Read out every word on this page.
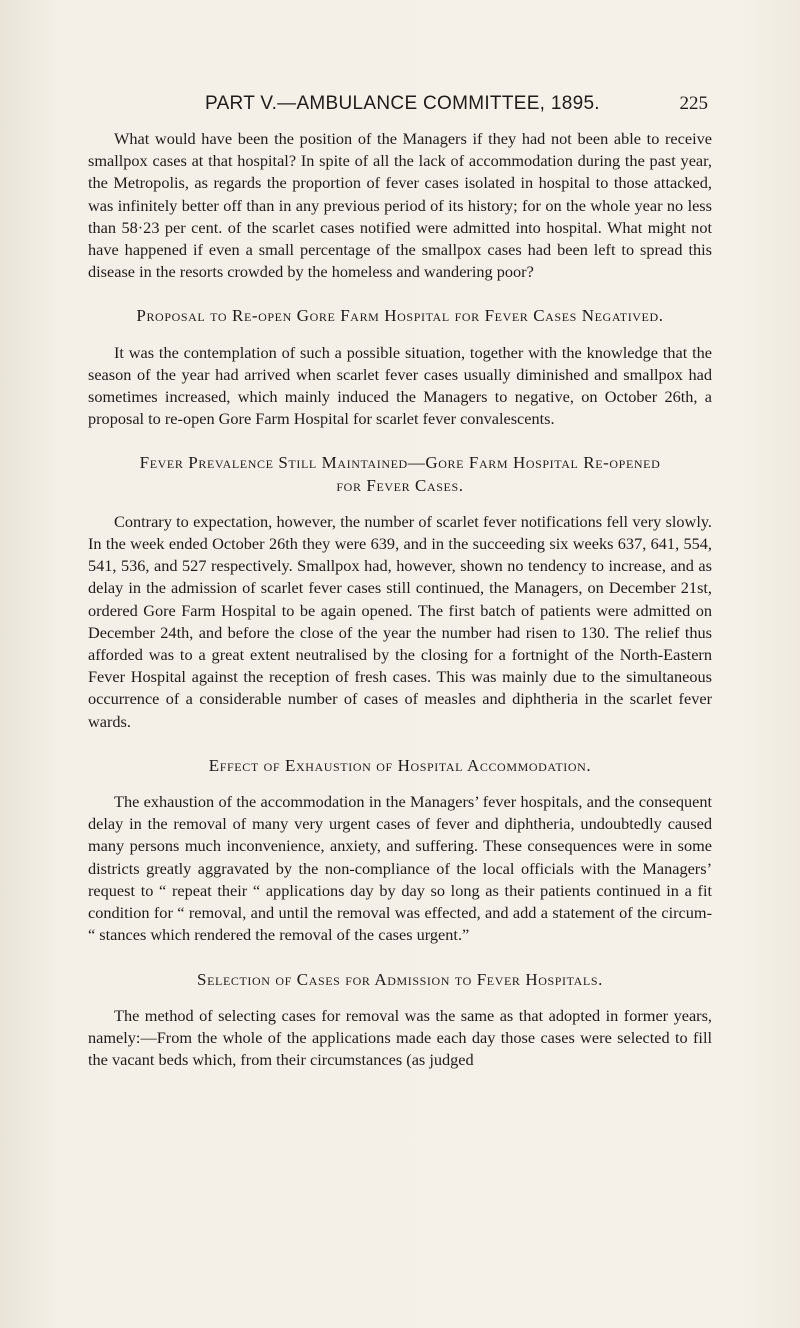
PART V.—AMBULANCE COMMITTEE, 1895.	225

What would have been the position of the Managers if they had not been able to receive smallpox cases at that hospital? In spite of all the lack of accommodation during the past year, the Metropolis, as regards the proportion of fever cases isolated in hospital to those attacked, was infinitely better off than in any previous period of its history; for on the whole year no less than 58·23 per cent. of the scarlet cases notified were admitted into hospital. What might not have happened if even a small percentage of the smallpox cases had been left to spread this disease in the resorts crowded by the homeless and wandering poor?

Proposal to Re-open Gore Farm Hospital for Fever Cases Negatived.

It was the contemplation of such a possible situation, together with the knowledge that the season of the year had arrived when scarlet fever cases usually diminished and smallpox had sometimes increased, which mainly induced the Managers to negative, on October 26th, a proposal to re-open Gore Farm Hospital for scarlet fever convalescents.

Fever Prevalence Still Maintained—Gore Farm Hospital Re-opened
for Fever Cases.

Contrary to expectation, however, the number of scarlet fever notifications fell very slowly. In the week ended October 26th they were 639, and in the succeeding six weeks 637, 641, 554, 541, 536, and 527 respectively. Smallpox had, however, shown no tendency to increase, and as delay in the admission of scarlet fever cases still continued, the Managers, on December 21st, ordered Gore Farm Hospital to be again opened. The first batch of patients were admitted on December 24th, and before the close of the year the number had risen to 130. The relief thus afforded was to a great extent neutralised by the closing for a fortnight of the North-Eastern Fever Hospital against the reception of fresh cases. This was mainly due to the simultaneous occurrence of a considerable number of cases of measles and diphtheria in the scarlet fever wards.

Effect of Exhaustion of Hospital Accommodation.

The exhaustion of the accommodation in the Managers’ fever hospitals, and the consequent delay in the removal of many very urgent cases of fever and diphtheria, undoubtedly caused many persons much inconvenience, anxiety, and suffering. These consequences were in some districts greatly aggravated by the non-compliance of the local officials with the Managers’ request to “ repeat their “ applications day by day so long as their patients continued in a fit condition for “ removal, and until the removal was effected, and add a statement of the circum- “ stances which rendered the removal of the cases urgent.”

Selection of Cases for Admission to Fever Hospitals.

The method of selecting cases for removal was the same as that adopted in former years, namely:—From the whole of the applications made each day those cases were selected to fill the vacant beds which, from their circumstances (as judged
